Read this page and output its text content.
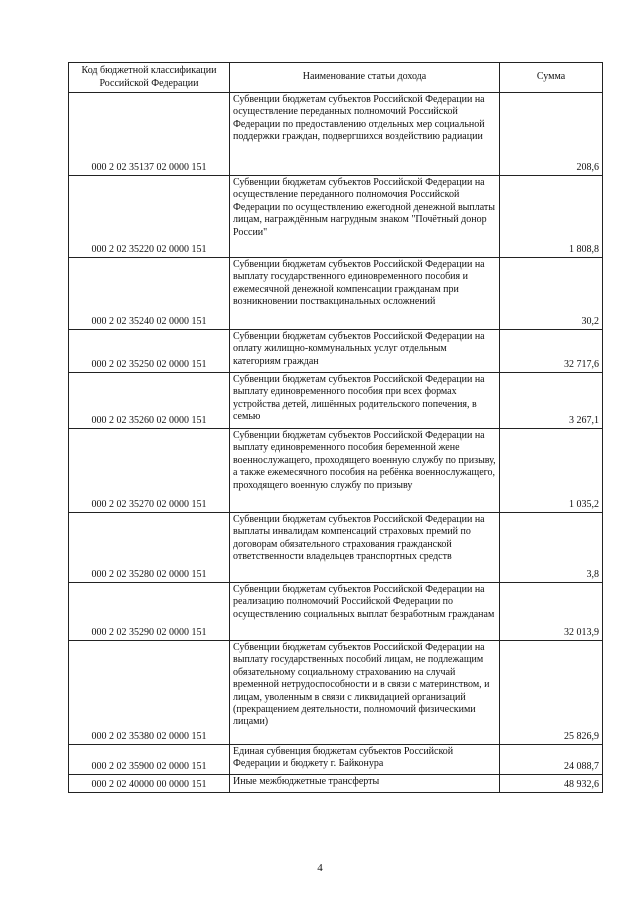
Код бюджетной классификации Российской Федерации	Наименование статьи дохода	Сумма
000 2 02 35137 02 0000 151	Субвенции бюджетам субъектов Российской Федерации на осуществление переданных полномочий Российской Федерации по предоставлению отдельных мер социальной поддержки граждан, подвергшихся воздействию радиации	208,6
000 2 02 35220 02 0000 151	Субвенции бюджетам субъектов Российской Федерации на осуществление переданного полномочия Российской Федерации по осуществлению ежегодной денежной выплаты лицам, награждённым нагрудным знаком "Почётный донор России"	1 808,8
000 2 02 35240 02 0000 151	Субвенции бюджетам субъектов Российской Федерации на выплату государственного единовременного пособия и ежемесячной денежной компенсации гражданам при возникновении поствакцинальных осложнений	30,2
000 2 02 35250 02 0000 151	Субвенции бюджетам субъектов Российской Федерации на оплату жилищно-коммунальных услуг отдельным категориям граждан	32 717,6
000 2 02 35260 02 0000 151	Субвенции бюджетам субъектов Российской Федерации на выплату единовременного пособия при всех формах устройства детей, лишённых родительского попечения, в семью	3 267,1
000 2 02 35270 02 0000 151	Субвенции бюджетам субъектов Российской Федерации на выплату единовременного пособия беременной жене военнослужащего, проходящего военную службу по призыву, а также ежемесячного пособия на ребёнка военнослужащего, проходящего военную службу по призыву	1 035,2
000 2 02 35280 02 0000 151	Субвенции бюджетам субъектов Российской Федерации на выплаты инвалидам компенсаций страховых премий по договорам обязательного страхования гражданской ответственности владельцев транспортных средств	3,8
000 2 02 35290 02 0000 151	Субвенции бюджетам субъектов Российской Федерации на реализацию полномочий Российской Федерации по осуществлению социальных выплат безработным гражданам	32 013,9
000 2 02 35380 02 0000 151	Субвенции бюджетам субъектов Российской Федерации на выплату государственных пособий лицам, не подлежащим обязательному социальному страхованию на случай временной нетрудоспособности и в связи с материнством, и лицам, уволенным в связи с ликвидацией организаций (прекращением деятельности, полномочий физическими лицами)	25 826,9
000 2 02 35900 02 0000 151	Единая субвенция бюджетам субъектов Российской Федерации и бюджету г. Байконура	24 088,7
000 2 02 40000 00 0000 151	Иные межбюджетные трансферты	48 932,6
4
